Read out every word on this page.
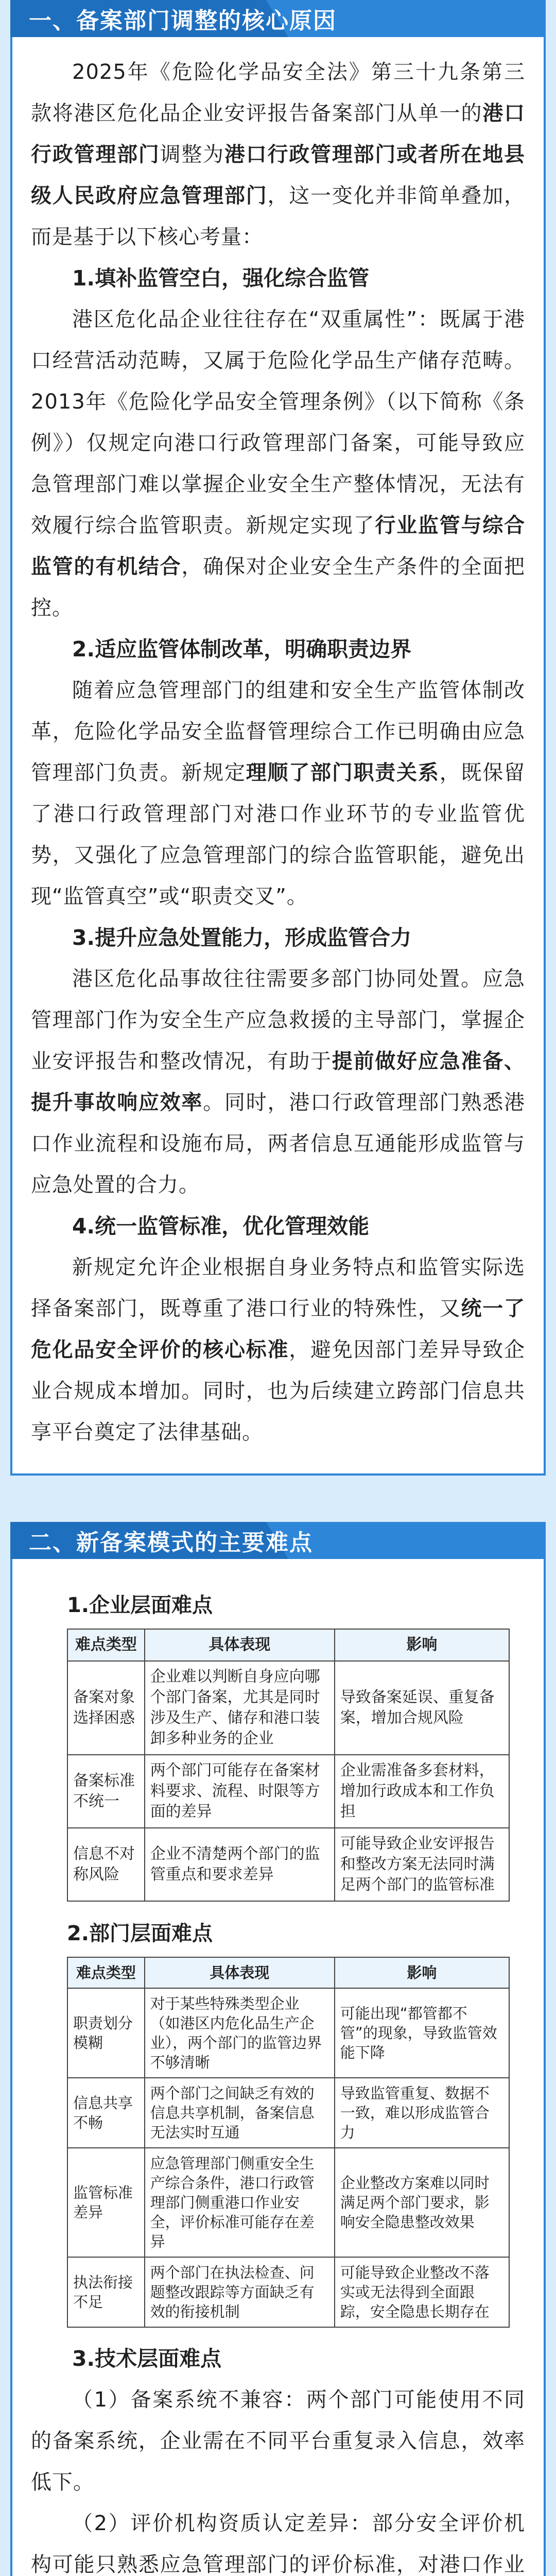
一、备案部门调整的核心原因

2025年《危险化学品安全法》第三十九条第三款将港区危化品企业安评报告备案部门从单一的港口行政管理部门调整为港口行政管理部门或者所在地县级人民政府应急管理部门，这一变化并非简单叠加，而是基于以下核心考量：

1.填补监管空白，强化综合监管

港区危化品企业往往存在“双重属性”：既属于港口经营活动范畴，又属于危险化学品生产储存范畴。2013年《危险化学品安全管理条例》（以下简称《条例》）仅规定向港口行政管理部门备案，可能导致应急管理部门难以掌握企业安全生产整体情况，无法有效履行综合监管职责。新规定实现了行业监管与综合监管的有机结合，确保对企业安全生产条件的全面把控。

2.适应监管体制改革，明确职责边界

随着应急管理部门的组建和安全生产监管体制改革，危险化学品安全监督管理综合工作已明确由应急管理部门负责。新规定理顺了部门职责关系，既保留了港口行政管理部门对港口作业环节的专业监管优势，又强化了应急管理部门的综合监管职能，避免出现“监管真空”或“职责交叉”。

3.提升应急处置能力，形成监管合力

港区危化品事故往往需要多部门协同处置。应急管理部门作为安全生产应急救援的主导部门，掌握企业安评报告和整改情况，有助于提前做好应急准备、提升事故响应效率。同时，港口行政管理部门熟悉港口作业流程和设施布局，两者信息互通能形成监管与应急处置的合力。

4.统一监管标准，优化管理效能

新规定允许企业根据自身业务特点和监管实际选择备案部门，既尊重了港口行业的特殊性，又统一了危化品安全评价的核心标准，避免因部门差异导致企业合规成本增加。同时，也为后续建立跨部门信息共享平台奠定了法律基础。

二、新备案模式的主要难点
1.企业层面难点
难点类型	具体表现	影响
备案对象选择困惑	企业难以判断自身应向哪个部门备案，尤其是同时涉及生产、储存和港口装卸多种业务的企业	导致备案延误、重复备案，增加合规风险
备案标准不统一	两个部门可能存在备案材料要求、流程、时限等方面的差异	企业需准备多套材料，增加行政成本和工作负担
信息不对称风险	企业不清楚两个部门的监管重点和要求差异	可能导致企业安评报告和整改方案无法同时满足两个部门的监管标准
2.部门层面难点
难点类型	具体表现	影响
职责划分模糊	对于某些特殊类型企业（如港区内危化品生产企业），两个部门的监管边界不够清晰	可能出现“都管都不管”的现象，导致监管效能下降
信息共享不畅	两个部门之间缺乏有效的信息共享机制，备案信息无法实时互通	导致监管重复、数据不一致，难以形成监管合力
监管标准差异	应急管理部门侧重安全生产综合条件，港口行政管理部门侧重港口作业安全，评价标准可能存在差异	企业整改方案难以同时满足两个部门要求，影响安全隐患整改效果
执法衔接不足	两个部门在执法检查、问题整改跟踪等方面缺乏有效的衔接机制	可能导致企业整改不落实或无法得到全面跟踪，安全隐患长期存在

3.技术层面难点

（1）备案系统不兼容：两个部门可能使用不同的备案系统，企业需在不同平台重复录入信息，效率低下。

（2）评价机构资质认定差异：部分安全评价机构可能只熟悉应急管理部门的评价标准，对港口作业
